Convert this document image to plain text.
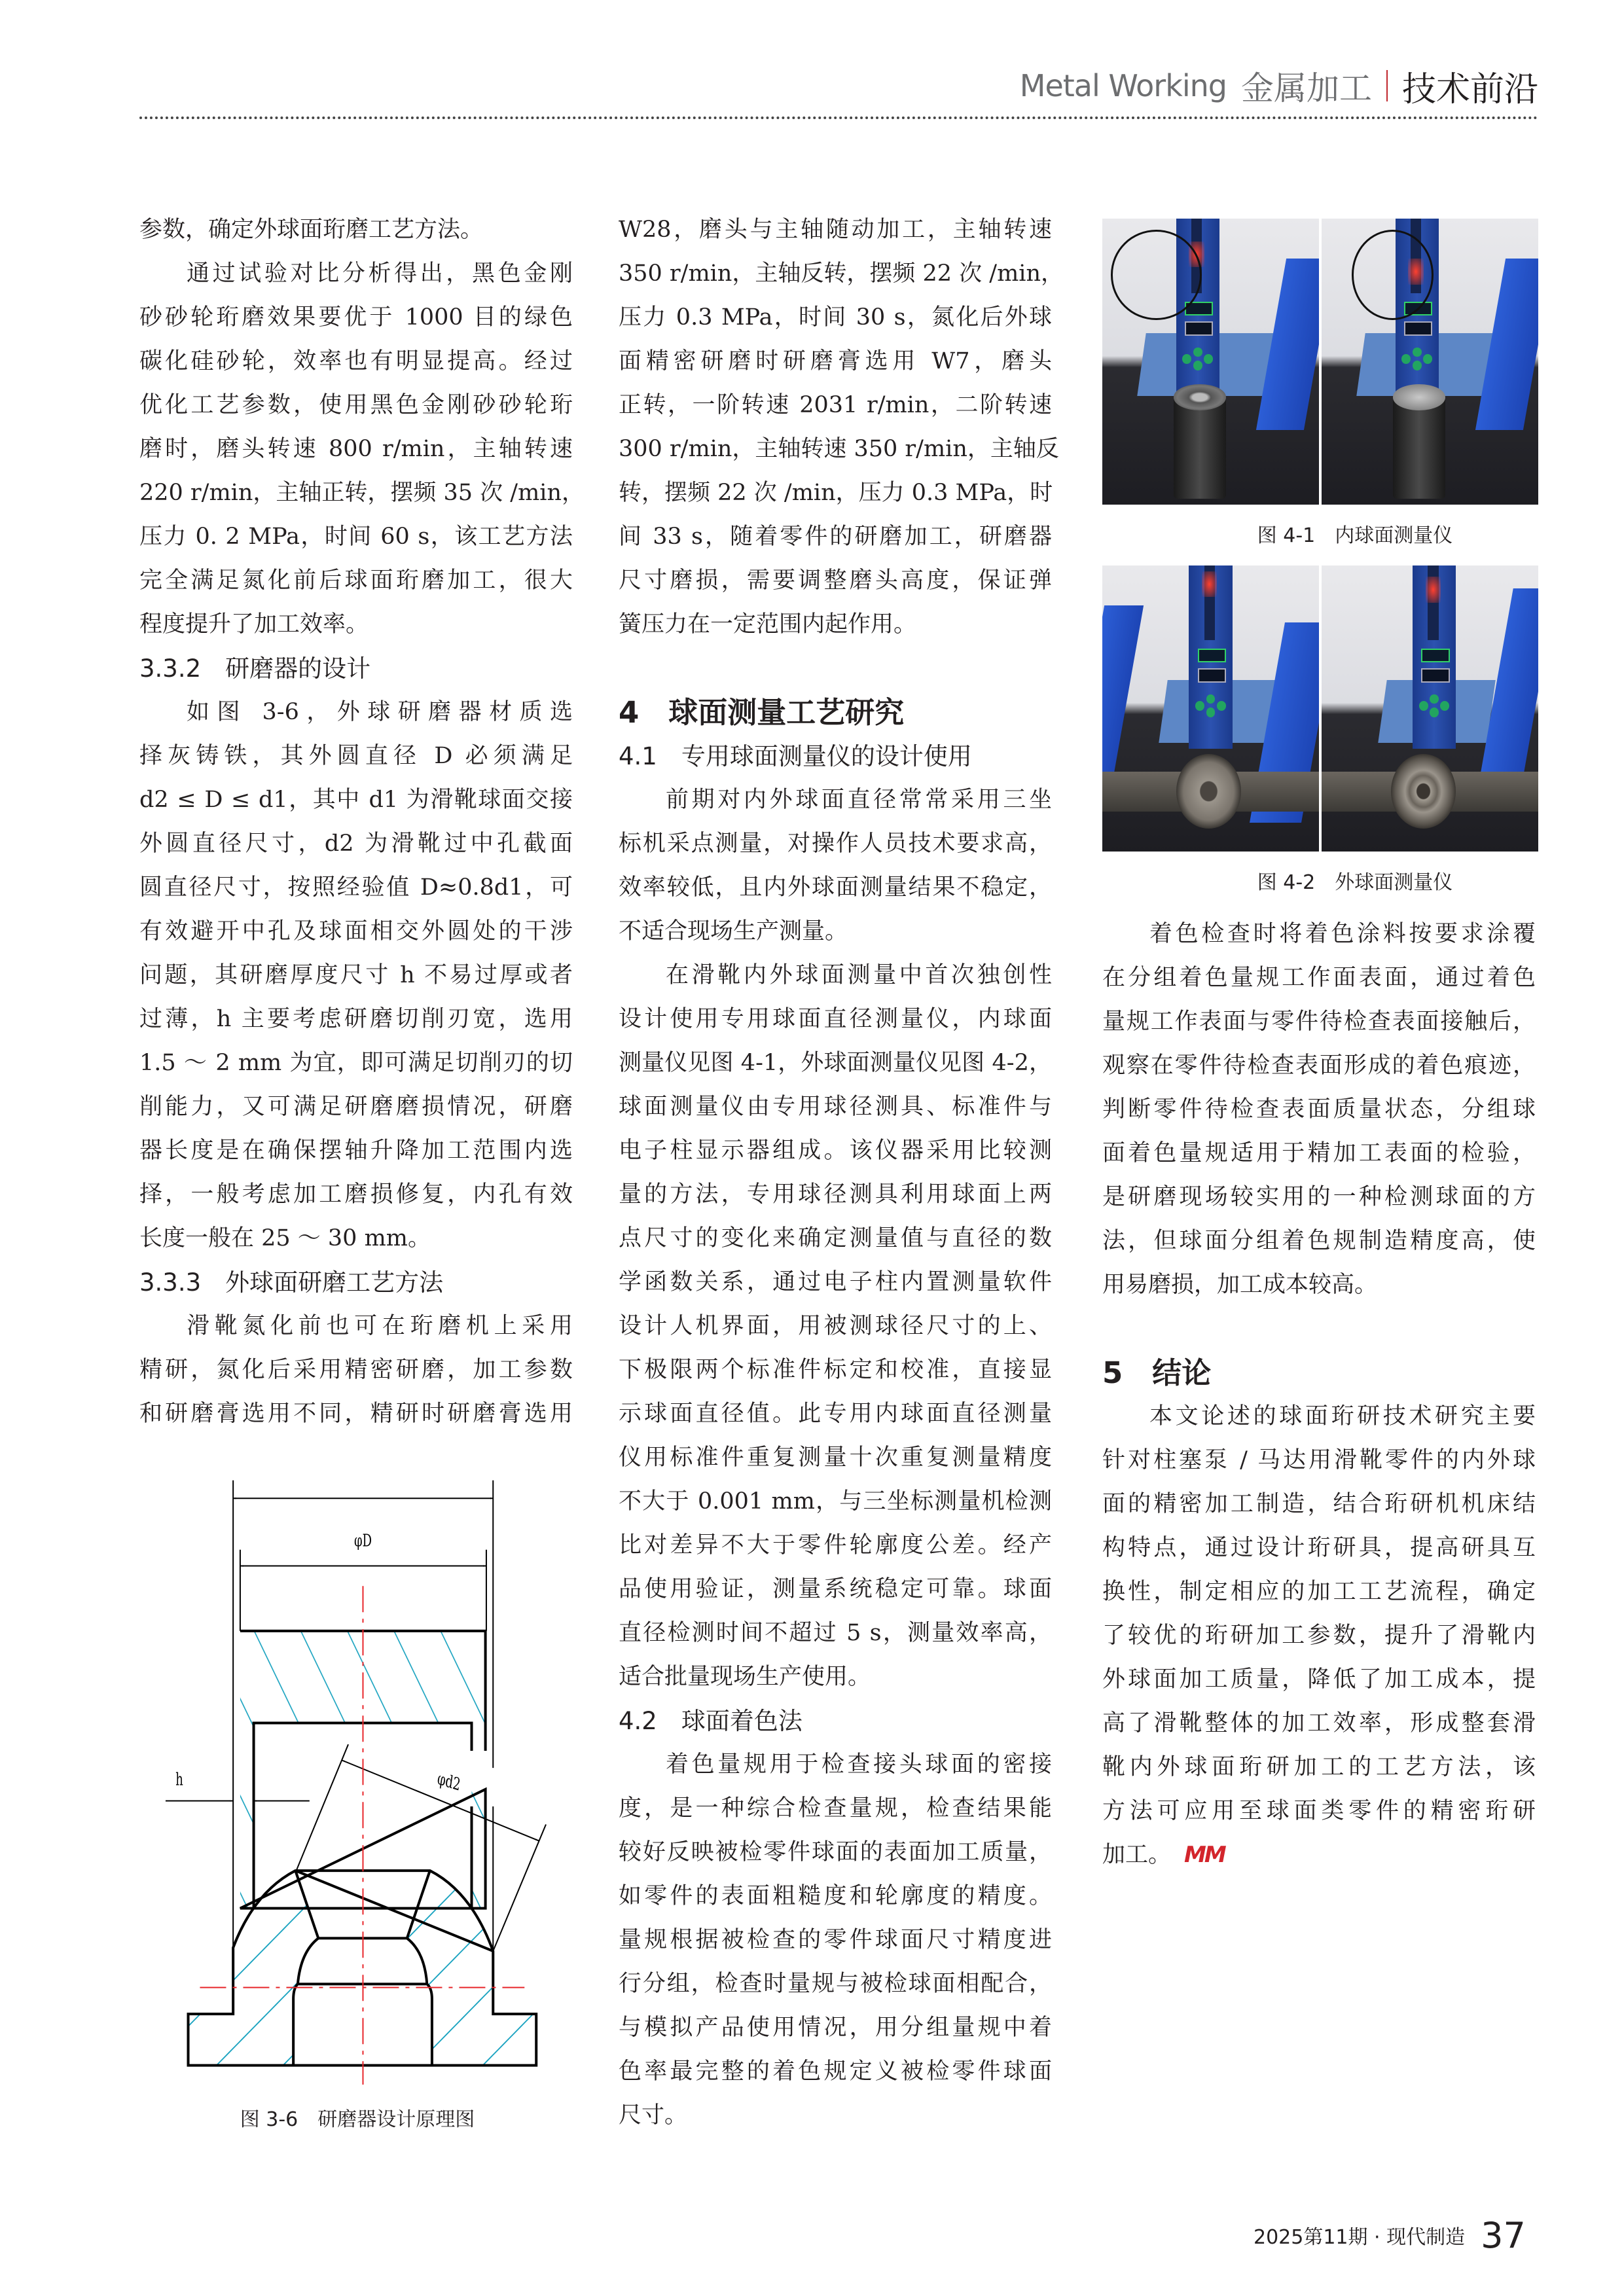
Metal Working 金属加工 技术前沿
参数，确定外球面珩磨工艺方法。
通过试验对比分析得出，黑色金刚
砂砂轮珩磨效果要优于 1000 目的绿色
碳化硅砂轮，效率也有明显提高。经过
优化工艺参数，使用黑色金刚砂砂轮珩
磨时，磨头转速 800 r/min，主轴转速
220 r/min，主轴正转，摆频 35 次 /min，
压力 0. 2 MPa，时间 60 s，该工艺方法
完全满足氮化前后球面珩磨加工，很大
程度提升了加工效率。
3.3.2　研磨器的设计
如图 3-6，外球研磨器材质选
择灰铸铁，其外圆直径 D 必须满足
d2 ≤ D ≤ d1，其中 d1 为滑靴球面交接
外圆直径尺寸，d2 为滑靴过中孔截面
圆直径尺寸，按照经验值 D≈0.8d1，可
有效避开中孔及球面相交外圆处的干涉
问题，其研磨厚度尺寸 h 不易过厚或者
过薄，h 主要考虑研磨切削刃宽，选用
1.5 ～ 2 mm 为宜，即可满足切削刃的切
削能力，又可满足研磨磨损情况，研磨
器长度是在确保摆轴升降加工范围内选
择，一般考虑加工磨损修复，内孔有效
长度一般在 25 ～ 30 mm。
3.3.3　外球面研磨工艺方法
滑靴氮化前也可在珩磨机上采用
精研，氮化后采用精密研磨，加工参数
和研磨膏选用不同，精研时研磨膏选用
W28，磨头与主轴随动加工，主轴转速
350 r/min，主轴反转，摆频 22 次 /min，
压力 0.3 MPa，时间 30 s，氮化后外球
面精密研磨时研磨膏选用 W7，磨头
正转，一阶转速 2031 r/min，二阶转速
300 r/min，主轴转速 350 r/min，主轴反
转，摆频 22 次 /min，压力 0.3 MPa，时
间 33 s，随着零件的研磨加工，研磨器
尺寸磨损，需要调整磨头高度，保证弹
簧压力在一定范围内起作用。
4　球面测量工艺研究
4.1　专用球面测量仪的设计使用
前期对内外球面直径常常采用三坐
标机采点测量，对操作人员技术要求高，
效率较低，且内外球面测量结果不稳定，
不适合现场生产测量。
在滑靴内外球面测量中首次独创性
设计使用专用球面直径测量仪，内球面
测量仪见图 4-1，外球面测量仪见图 4-2，
球面测量仪由专用球径测具、标准件与
电子柱显示器组成。该仪器采用比较测
量的方法，专用球径测具利用球面上两
点尺寸的变化来确定测量值与直径的数
学函数关系，通过电子柱内置测量软件
设计人机界面，用被测球径尺寸的上、
下极限两个标准件标定和校准，直接显
示球面直径值。此专用内球面直径测量
仪用标准件重复测量十次重复测量精度
不大于 0.001 mm，与三坐标测量机检测
比对差异不大于零件轮廓度公差。经产
品使用验证，测量系统稳定可靠。球面
直径检测时间不超过 5 s，测量效率高，
适合批量现场生产使用。
4.2　球面着色法
着色量规用于检查接头球面的密接
度，是一种综合检查量规，检查结果能
较好反映被检零件球面的表面加工质量，
如零件的表面粗糙度和轮廓度的精度。
量规根据被检查的零件球面尺寸精度进
行分组，检查时量规与被检球面相配合，
与模拟产品使用情况，用分组量规中着
色率最完整的着色规定义被检零件球面
尺寸。
着色检查时将着色涂料按要求涂覆
在分组着色量规工作面表面，通过着色
量规工作表面与零件待检查表面接触后，
观察在零件待检查表面形成的着色痕迹，
判断零件待检查表面质量状态，分组球
面着色量规适用于精加工表面的检验，
是研磨现场较实用的一种检测球面的方
法，但球面分组着色规制造精度高，使
用易磨损，加工成本较高。
5　结论
本文论述的球面珩研技术研究主要
针对柱塞泵 / 马达用滑靴零件的内外球
面的精密加工制造，结合珩研机机床结
构特点，通过设计珩研具，提高研具互
换性，制定相应的加工工艺流程，确定
了较优的珩研加工参数，提升了滑靴内
外球面加工质量，降低了加工成本，提
高了滑靴整体的加工效率，形成整套滑
靴内外球面珩研加工的工艺方法，该
方法可应用至球面类零件的精密珩研
加工。 MM
图 4-1　内球面测量仪
图 4-2　外球面测量仪
φD
h	φd2
图 3-6　研磨器设计原理图
2025第11期 · 现代制造 37
